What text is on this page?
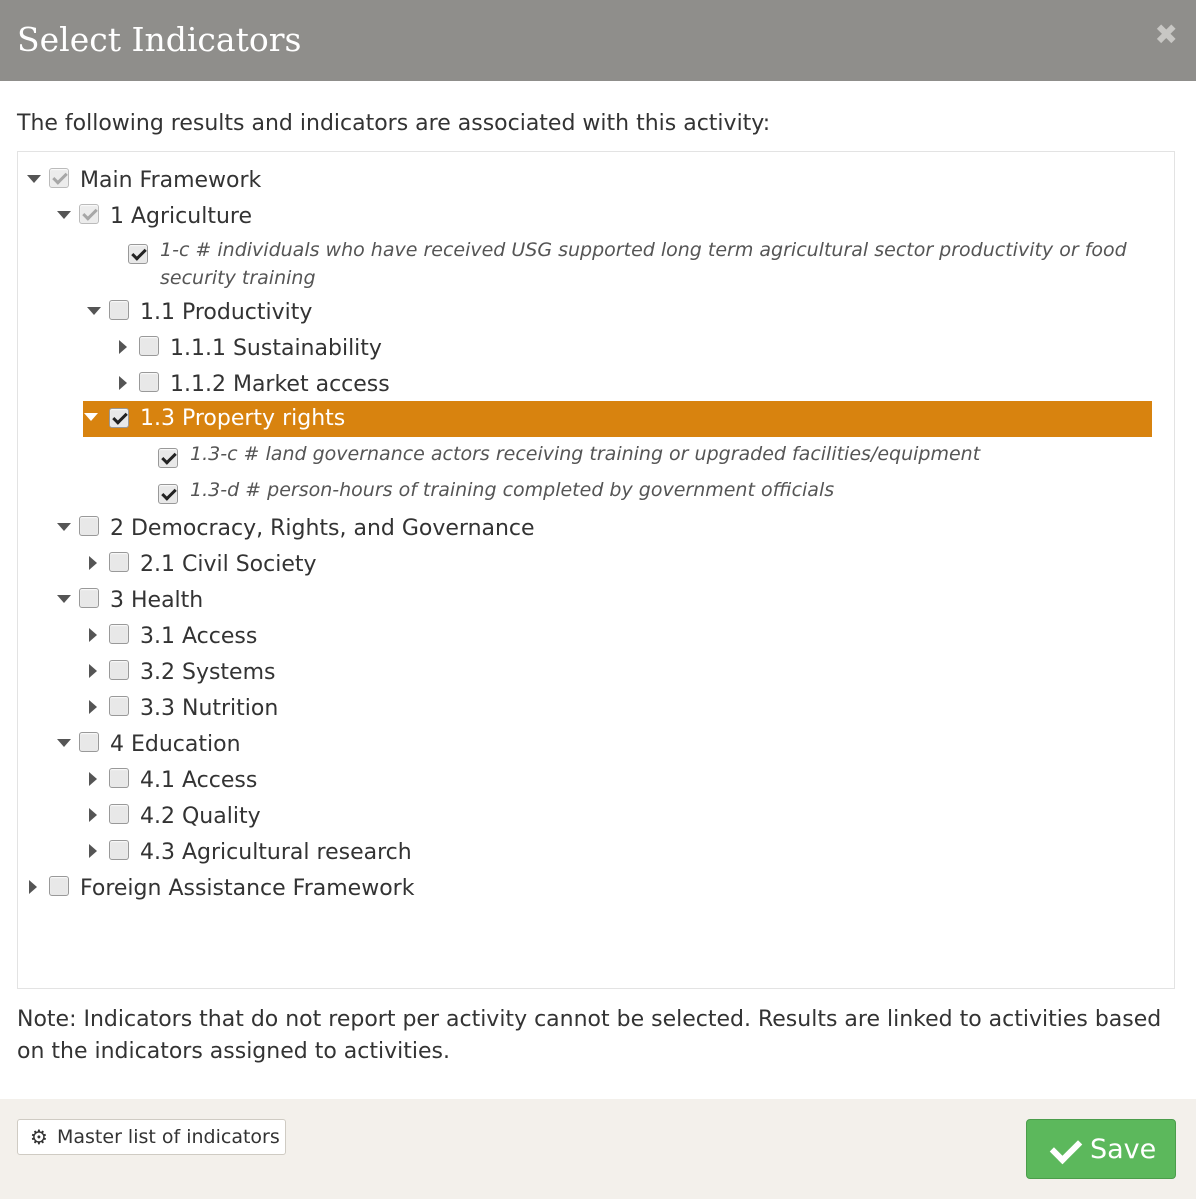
Select Indicators	✖
The following results and indicators are associated with this activity:
Main Framework
1 Agriculture
1-c # individuals who have received USG supported long term agricultural sector productivity or food
security training
1.1 Productivity
1.1.1 Sustainability
1.1.2 Market access
1.3 Property rights
1.3-c # land governance actors receiving training or upgraded facilities/equipment
1.3-d # person-hours of training completed by government officials
2 Democracy, Rights, and Governance
2.1 Civil Society
3 Health
3.1 Access
3.2 Systems
3.3 Nutrition
4 Education
4.1 Access
4.2 Quality
4.3 Agricultural research
Foreign Assistance Framework
Note: Indicators that do not report per activity cannot be selected. Results are linked to activities based on the indicators assigned to activities.
⚙ Master list of indicators	Save
